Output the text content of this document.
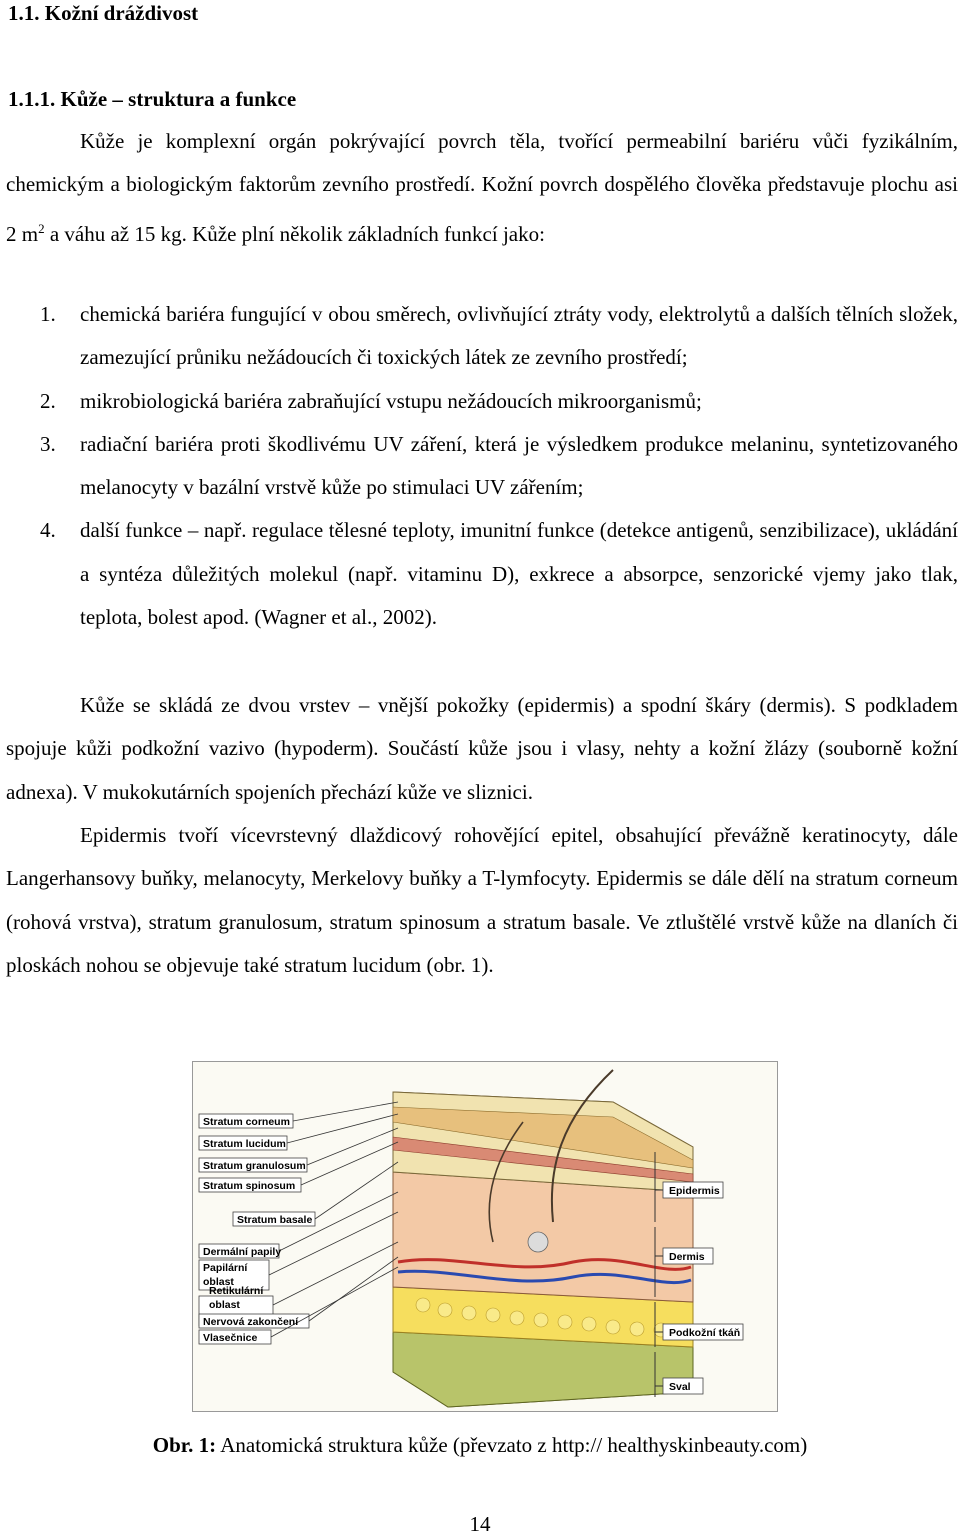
1.1. Kožní dráždivost
1.1.1. Kůže – struktura a funkce
Kůže je komplexní orgán pokrývající povrch těla, tvořící permeabilní bariéru vůči fyzikálním, chemickým a biologickým faktorům zevního prostředí. Kožní povrch dospělého člověka představuje plochu asi 2 $m^2$ a váhu až 15 kg. Kůže plní několik základních funkcí jako:
1. chemická bariéra fungující v obou směrech, ovlivňující ztráty vody, elektrolytů a dalších tělních složek, zamezující průniku nežádoucích či toxických látek ze zevního prostředí;
2. mikrobiologická bariéra zabraňující vstupu nežádoucích mikroorganismů;
3. radiační bariéra proti škodlivému UV záření, která je výsledkem produkce melaninu, syntetizovaného melanocyty v bazální vrstvě kůže po stimulaci UV zářením;
4. další funkce – např. regulace tělesné teploty, imunitní funkce (detekce antigenů, senzibilizace), ukládání a syntéza důležitých molekul (např. vitaminu D), exkrece a absorpce, senzorické vjemy jako tlak, teplota, bolest apod. (Wagner et al., 2002).
Kůže se skládá ze dvou vrstev – vnější pokožky (epidermis) a spodní škáry (dermis). S podkladem spojuje kůži podkožní vazivo (hypoderm). Součástí kůže jsou i vlasy, nehty a kožní žlázy (souborně kožní adnexa). V mukokutárních spojeních přechází kůže ve sliznici.
Epidermis tvoří vícevrstevný dlaždicový rohovějící epitel, obsahující převážně keratinocyty, dále Langerhansovy buňky, melanocyty, Merkelovy buňky a T-lymfocyty. Epidermis se dále dělí na stratum corneum (rohová vrstva), stratum granulosum, stratum spinosum a stratum basale. Ve ztluštělé vrstvě kůže na dlaních či ploskách nohou se objevuje také stratum lucidum (obr. 1).
Stratum corneum
Stratum lucidum
Stratum granulosum
Stratum spinosum
Stratum basale
Dermální papily
Papilární
oblast
Retikulární
oblast
Nervová zakončení
Vlasečnice
Epidermis
Dermis
Podkožní tkáň
Sval
Obr. 1: Anatomická struktura kůže (převzato z http:// healthyskinbeauty.com)
14
